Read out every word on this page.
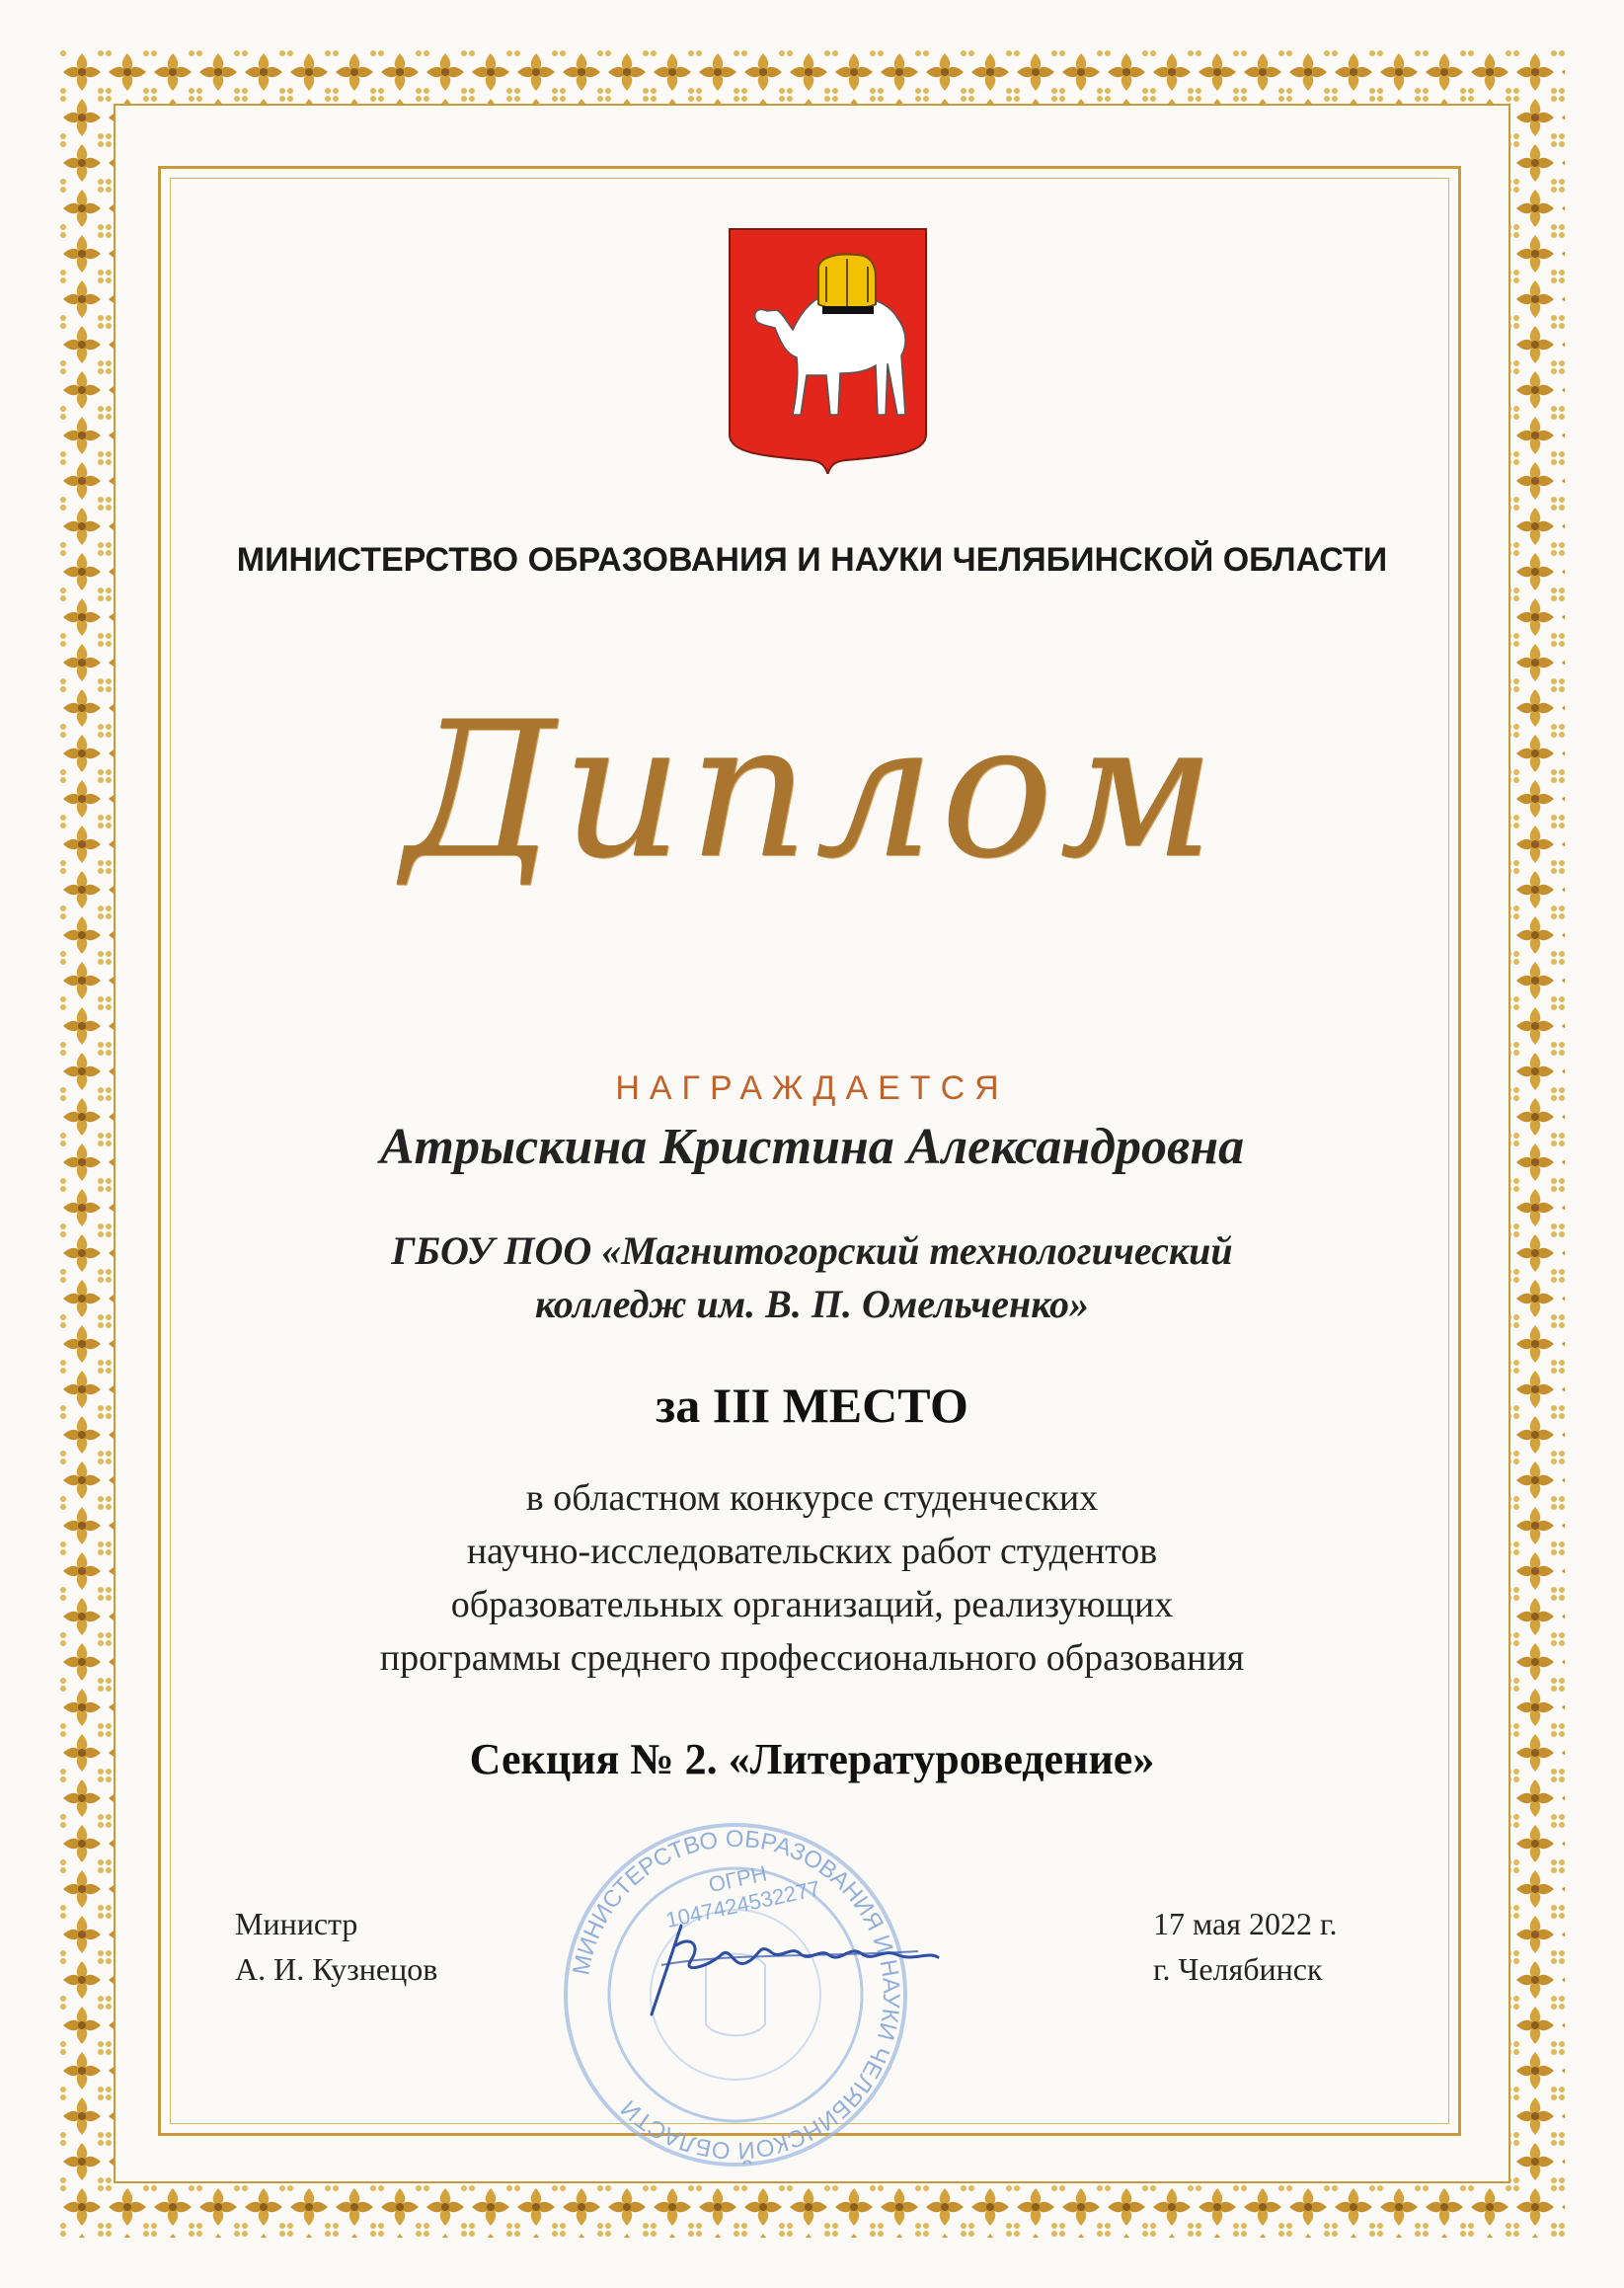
МИНИСТЕРСТВО ОБРАЗОВАНИЯ И НАУКИ ЧЕЛЯБИНСКОЙ ОБЛАСТИ
Диплом
НАГРАЖДАЕТСЯ
Атрыскина Кристина Александровна
ГБОУ ПОО «Магнитогорский технологический
колледж им. В. П. Омельченко»
за III МЕСТО
в областном конкурсе студенческих
научно-исследовательских работ студентов
образовательных организаций, реализующих
программы среднего профессионального образования
Секция № 2. «Литературоведение»
МИНИСТЕРСТВО ОБРАЗОВАНИЯ И НАУКИ ЧЕЛЯБИНСКОЙ ОБЛАСТИ
ОГРН 1047424532277
Министр
А. И. Кузнецов
17 мая 2022 г.
г. Челябинск
